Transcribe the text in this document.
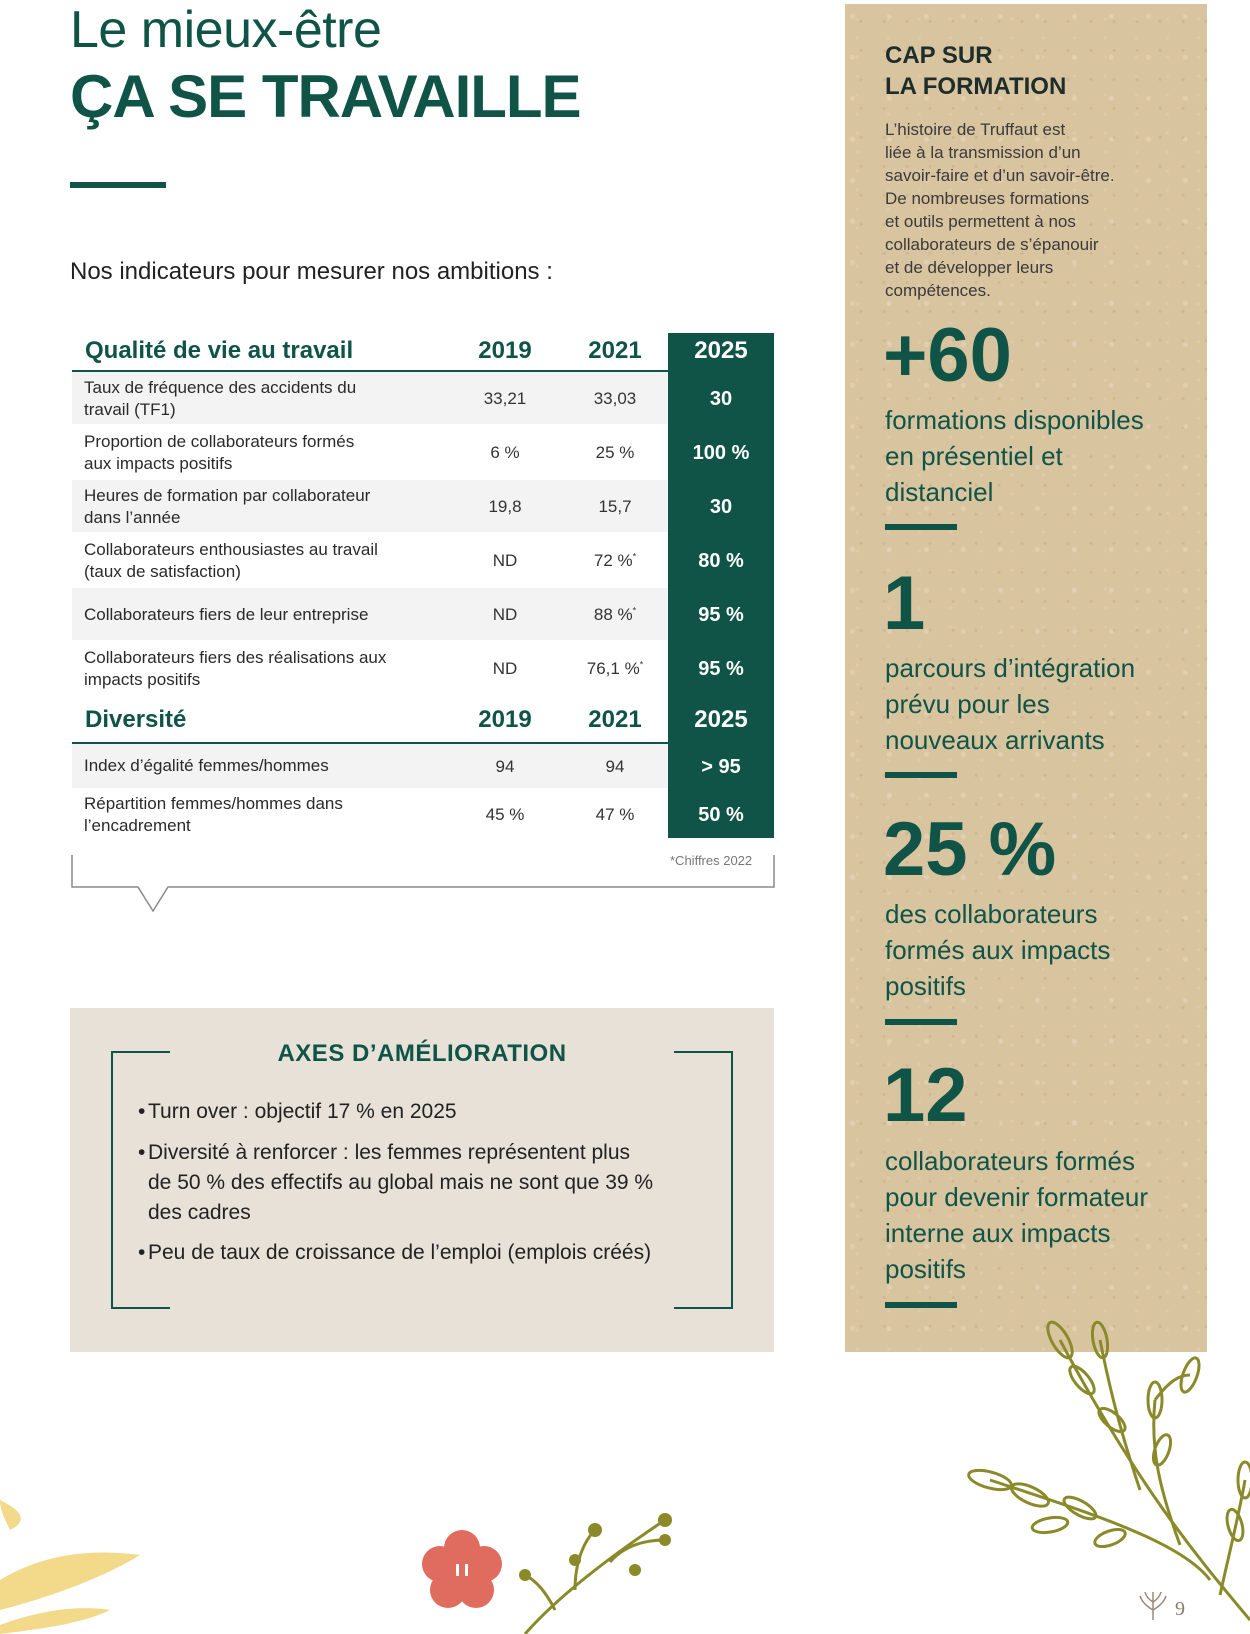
Le mieux-être
ÇA SE TRAVAILLE
Nos indicateurs pour mesurer nos ambitions :
Qualité de vie au travail	2019	2021	2025
Taux de fréquence des accidents du
travail (TF1)
33,21	33,03	30
Proportion de collaborateurs formés
aux impacts positifs
6 %	25 %	100 %
Heures de formation par collaborateur
dans l’année
19,8	15,7	30
Collaborateurs enthousiastes au travail
(taux de satisfaction)
ND	72 %*	80 %
Collaborateurs fiers de leur entreprise	ND	88 %*	95 %
Collaborateurs fiers des réalisations aux
impacts positifs
ND	76,1 %*	95 %
Diversité	2019	2021	2025
Index d’égalité femmes/hommes	94	94	> 95
Répartition femmes/hommes dans
l’encadrement
45 %	47 %	50 %
*Chiffres 2022
AXES D’AMÉLIORATION
• Turn over : objectif 17 % en 2025
• Diversité à renforcer : les femmes représentent plus
de 50 % des effectifs au global mais ne sont que 39 %
des cadres
• Peu de taux de croissance de l’emploi (emplois créés)
CAP SUR
LA FORMATION
L’histoire de Truffaut est
liée à la transmission d’un
savoir-faire et d’un savoir-être.
De nombreuses formations
et outils permettent à nos
collaborateurs de s’épanouir
et de développer leurs
compétences.
+60
formations disponibles
en présentiel et
distanciel
1
parcours d’intégration
prévu pour les
nouveaux arrivants
25 %
des collaborateurs
formés aux impacts
positifs
12
collaborateurs formés
pour devenir formateur
interne aux impacts
positifs
9
